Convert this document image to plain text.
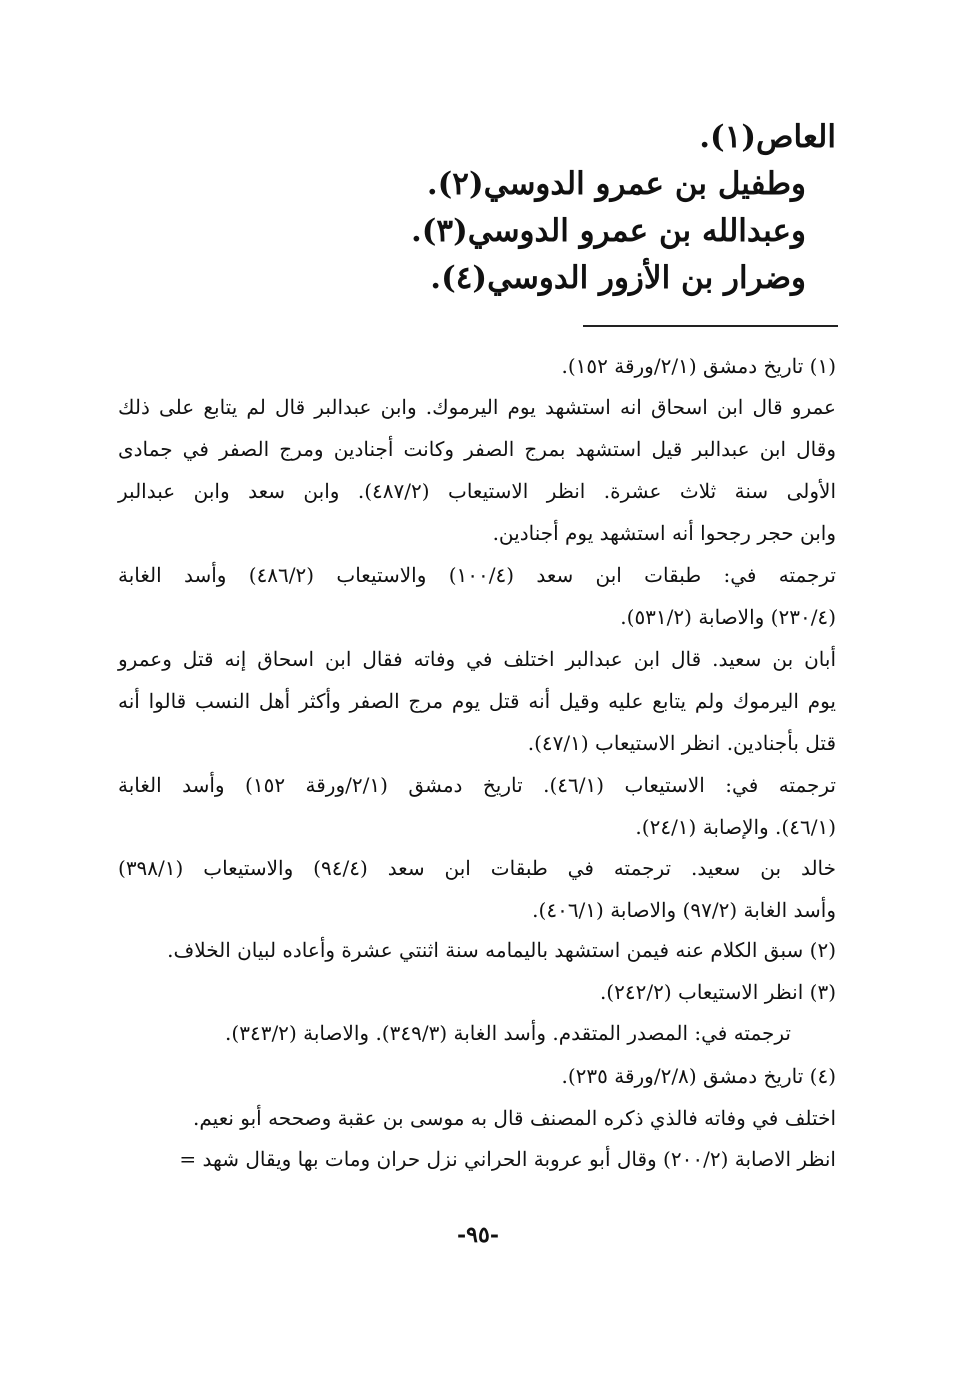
العاص(١).

وطفيل بن عمرو الدوسي(٢).

وعبدالله بن عمرو الدوسي(٣).

وضرار بن الأزور الدوسي(٤).

(١) تاريخ دمشق (٢/١/ورقة ١٥٢).

عمرو قال ابن اسحاق انه استشهد يوم اليرموك. وابن عبدالبر قال لم يتابع على ذلك

وقال ابن عبدالبر قيل استشهد بمرج الصفر وكانت أجنادين ومرج الصفر في جمادى

الأولى سنة ثلاث عشرة. انظر الاستيعاب (٤٨٧/٢). وابن سعد وابن عبدالبر

وابن حجر رجحوا أنه استشهد يوم أجنادين.

ترجمته في: طبقات ابن سعد (١٠٠/٤) والاستيعاب (٤٨٦/٢) وأسد الغابة

(٢٣٠/٤) والاصابة (٥٣١/٢).

أبان بن سعيد. قال ابن عبدالبر اختلف في وفاته فقال ابن اسحاق إنه قتل وعمرو

يوم اليرموك ولم يتابع عليه وقيل أنه قتل يوم مرج الصفر وأكثر أهل النسب قالوا أنه

قتل بأجنادين. انظر الاستيعاب (٤٧/١).

ترجمته في: الاستيعاب (٤٦/١). تاريخ دمشق (٢/١/ورقة ١٥٢) وأسد الغابة

(٤٦/١). والإصابة (٢٤/١).

خالد بن سعيد. ترجمته في طبقات ابن سعد (٩٤/٤) والاستيعاب (٣٩٨/١)

وأسد الغابة (٩٧/٢) والاصابة (٤٠٦/١).

(٢) سبق الكلام عنه فيمن استشهد باليمامه سنة اثنتي عشرة وأعاده لبيان الخلاف.

(٣) انظر الاستيعاب (٢٤٢/٢).

ترجمته في: المصدر المتقدم. وأسد الغابة (٣٤٩/٣). والاصابة (٣٤٣/٢).

(٤) تاريخ دمشق (٢/٨/ورقة ٢٣٥).

اختلف في وفاته فالذي ذكره المصنف قال به موسى بن عقبة وصححه أبو نعيم.

انظر الاصابة (٢٠٠/٢) وقال أبو عروبة الحراني نزل حران ومات بها ويقال شهد =

-٩٥-
